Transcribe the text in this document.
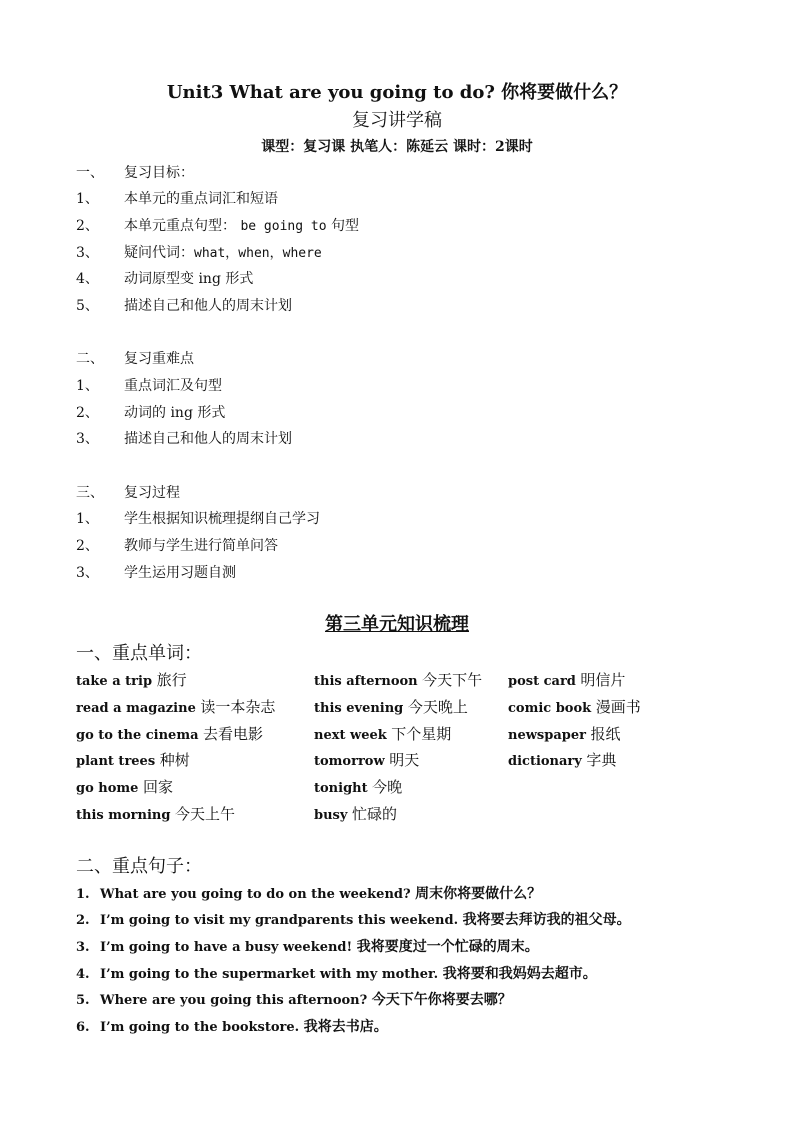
Unit3 What are you going to do? 你将要做什么？
复习讲学稿
课型：复习课 执笔人：陈延云 课时：2课时
一、 复习目标：
1、 本单元的重点词汇和短语
2、 本单元重点句型： be going to 句型
3、 疑问代词：what，when，where
4、 动词原型变 ing 形式
5、 描述自己和他人的周末计划
二、 复习重难点
1、 重点词汇及句型
2、 动词的 ing 形式
3、 描述自己和他人的周末计划
三、 复习过程
1、 学生根据知识梳理提纲自己学习
2、 教师与学生进行简单问答
3、 学生运用习题自测
第三单元知识梳理
一、重点单词：
take a trip 旅行
read a magazine 读一本杂志
go to the cinema 去看电影
plant trees 种树
go home 回家
this morning 今天上午
this afternoon 今天下午
this evening 今天晚上
next week 下个星期
tomorrow 明天
tonight 今晚
busy 忙碌的
post card 明信片
comic book 漫画书
newspaper 报纸
dictionary 字典
二、重点句子：
1. What are you going to do on the weekend? 周末你将要做什么？
2. I’m going to visit my grandparents this weekend. 我将要去拜访我的祖父母。
3. I’m going to have a busy weekend! 我将要度过一个忙碌的周末。
4. I’m going to the supermarket with my mother. 我将要和我妈妈去超市。
5. Where are you going this afternoon? 今天下午你将要去哪？
6. I’m going to the bookstore. 我将去书店。
